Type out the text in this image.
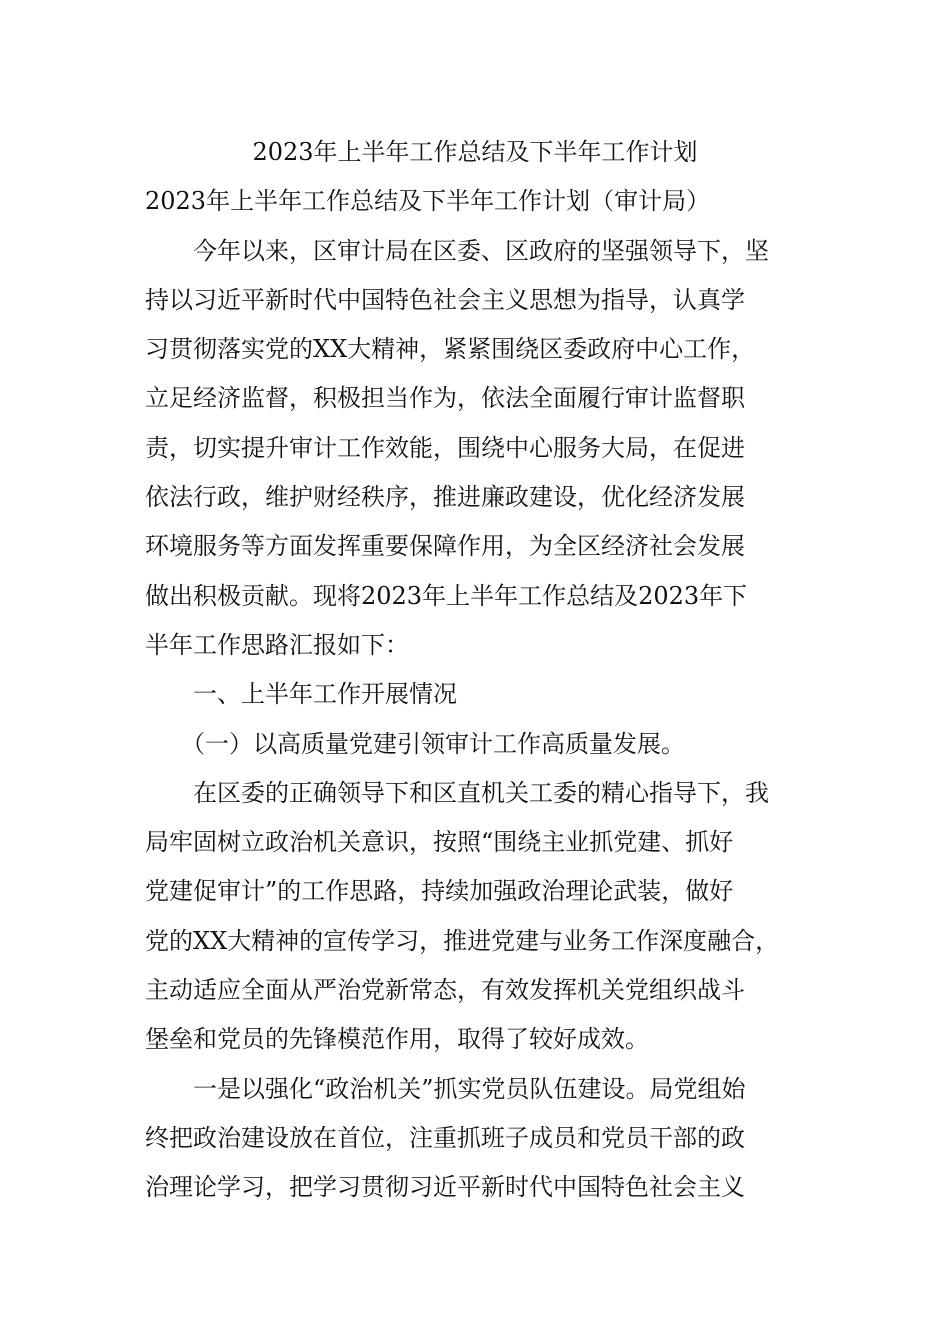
2023年上半年工作总结及下半年工作计划
2023年上半年工作总结及下半年工作计划（审计局）
　　今年以来，区审计局在区委、区政府的坚强领导下，坚
持以习近平新时代中国特色社会主义思想为指导，认真学
习贯彻落实党的XX大精神，紧紧围绕区委政府中心工作，
立足经济监督，积极担当作为，依法全面履行审计监督职
责，切实提升审计工作效能，围绕中心服务大局，在促进
依法行政，维护财经秩序，推进廉政建设，优化经济发展
环境服务等方面发挥重要保障作用，为全区经济社会发展
做出积极贡献。现将2023年上半年工作总结及2023年下
半年工作思路汇报如下：
　　一、上半年工作开展情况
　　（一）以高质量党建引领审计工作高质量发展。
　　在区委的正确领导下和区直机关工委的精心指导下，我
局牢固树立政治机关意识，按照“围绕主业抓党建、抓好
党建促审计”的工作思路，持续加强政治理论武装，做好
党的XX大精神的宣传学习，推进党建与业务工作深度融合，
主动适应全面从严治党新常态，有效发挥机关党组织战斗
堡垒和党员的先锋模范作用，取得了较好成效。
　　一是以强化“政治机关”抓实党员队伍建设。局党组始
终把政治建设放在首位，注重抓班子成员和党员干部的政
治理论学习，把学习贯彻习近平新时代中国特色社会主义
